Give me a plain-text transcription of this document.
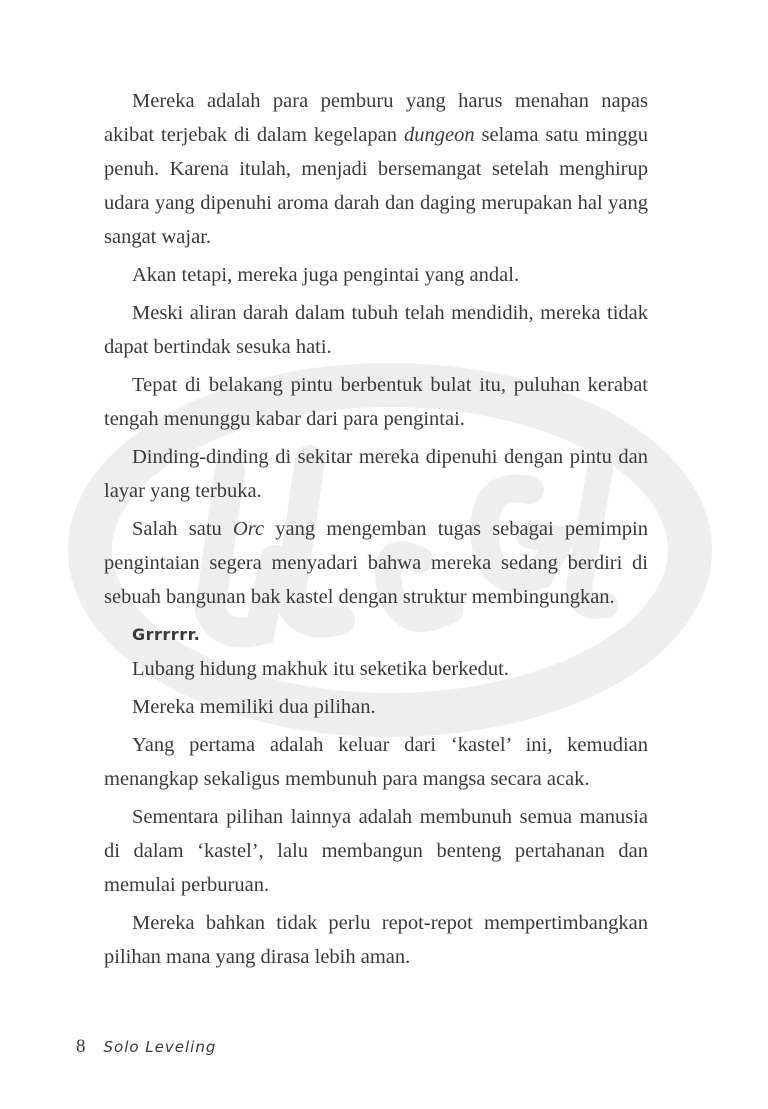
Mereka adalah para pemburu yang harus menahan napas akibat terjebak di dalam kegelapan dungeon selama satu minggu penuh. Karena itulah, menjadi bersemangat setelah menghirup udara yang dipenuhi aroma darah dan daging merupakan hal yang sangat wajar.

Akan tetapi, mereka juga pengintai yang andal.

Meski aliran darah dalam tubuh telah mendidih, mereka tidak dapat bertindak sesuka hati.

Tepat di belakang pintu berbentuk bulat itu, puluhan kerabat tengah menunggu kabar dari para pengintai.

Dinding-dinding di sekitar mereka dipenuhi dengan pintu dan layar yang terbuka.

Salah satu Orc yang mengemban tugas sebagai pemimpin pengintaian segera menyadari bahwa mereka sedang berdiri di sebuah bangunan bak kastel dengan struktur membingungkan.

Grrrrrr.

Lubang hidung makhuk itu seketika berkedut.

Mereka memiliki dua pilihan.

Yang pertama adalah keluar dari ‘kastel’ ini, kemudian menangkap sekaligus membunuh para mangsa secara acak.

Sementara pilihan lainnya adalah membunuh semua manusia di dalam ‘kastel’, lalu membangun benteng pertahanan dan memulai perburuan.

Mereka bahkan tidak perlu repot-repot mempertimbangkan pilihan mana yang dirasa lebih aman.

8 Solo Leveling
